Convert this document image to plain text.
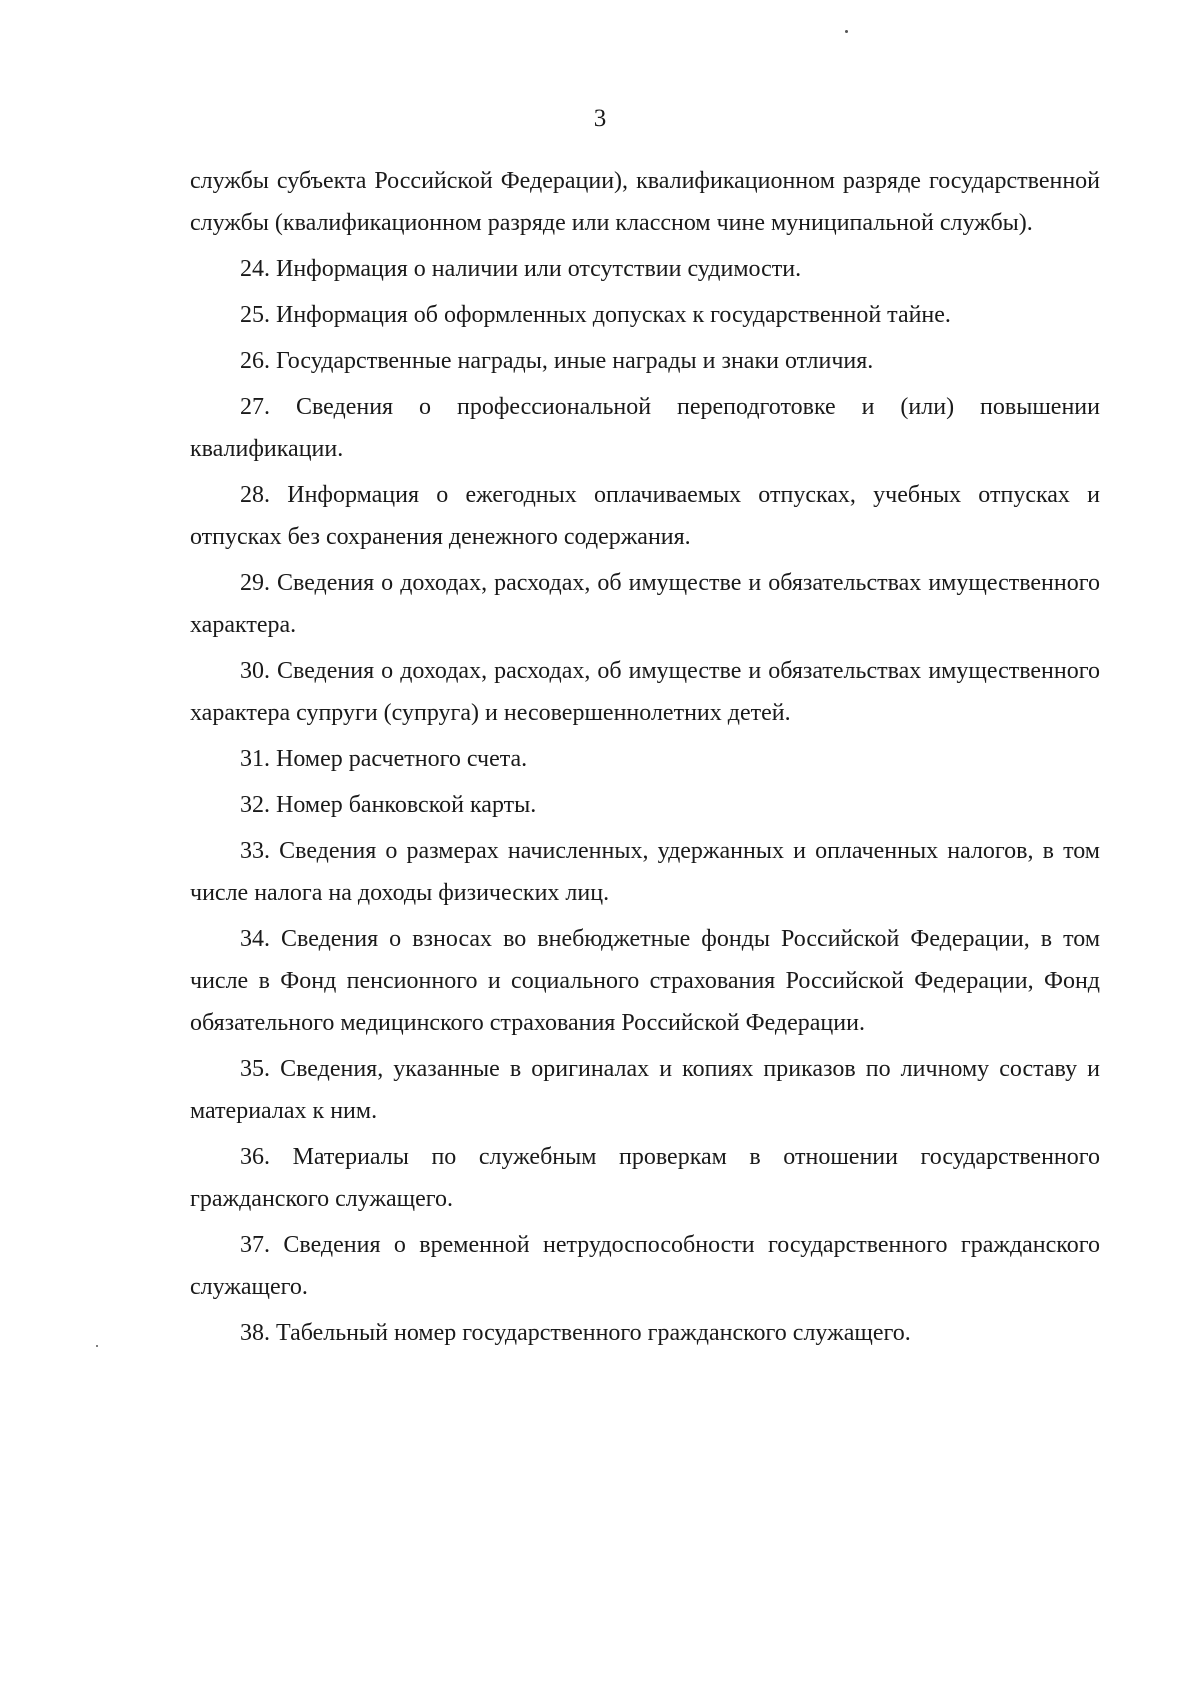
3

службы субъекта Российской Федерации), квалификационном разряде государственной службы (квалификационном разряде или классном чине муниципальной службы).

24. Информация о наличии или отсутствии судимости.

25. Информация об оформленных допусках к государственной тайне.

26. Государственные награды, иные награды и знаки отличия.

27. Сведения о профессиональной переподготовке и (или) повышении квалификации.

28. Информация о ежегодных оплачиваемых отпусках, учебных отпусках и отпусках без сохранения денежного содержания.

29. Сведения о доходах, расходах, об имуществе и обязательствах имущественного характера.

30. Сведения о доходах, расходах, об имуществе и обязательствах имущественного характера супруги (супруга) и несовершеннолетних детей.

31. Номер расчетного счета.

32. Номер банковской карты.

33. Сведения о размерах начисленных, удержанных и оплаченных налогов, в том числе налога на доходы физических лиц.

34. Сведения о взносах во внебюджетные фонды Российской Федерации, в том числе в Фонд пенсионного и социального страхования Российской Федерации, Фонд обязательного медицинского страхования Российской Федерации.

35. Сведения, указанные в оригиналах и копиях приказов по личному составу и материалах к ним.

36. Материалы по служебным проверкам в отношении государственного гражданского служащего.

37. Сведения о временной нетрудоспособности государственного гражданского служащего.

38. Табельный номер государственного гражданского служащего.
